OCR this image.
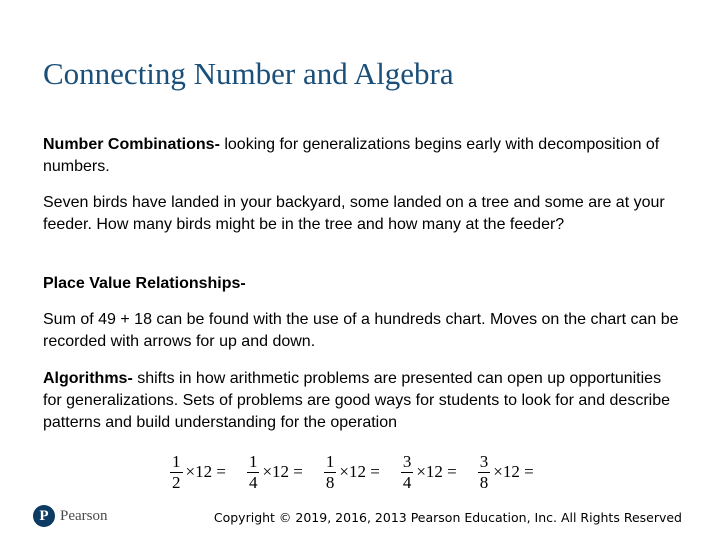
Connecting Number and Algebra

Number Combinations- looking for generalizations begins early with decomposition of numbers.

Seven birds have landed in your backyard, some landed on a tree and some are at your feeder. How many birds might be in the tree and how many at the feeder?

Place Value Relationships-

Sum of 49 + 18 can be found with the use of a hundreds chart. Moves on the chart can be recorded with arrows for up and down.

Algorithms- shifts in how arithmetic problems are presented can open up opportunities for generalizations. Sets of problems are good ways for students to look for and describe patterns and build understanding for the operation

$\frac{1}{2} \times 12 = \frac{1}{4} \times 12 = \frac{1}{8} \times 12 = \frac{3}{4} \times 12 = \frac{3}{8} \times 12$ =
P Pearson	Copyright © 2019, 2016, 2013 Pearson Education, Inc. All Rights Reserved
